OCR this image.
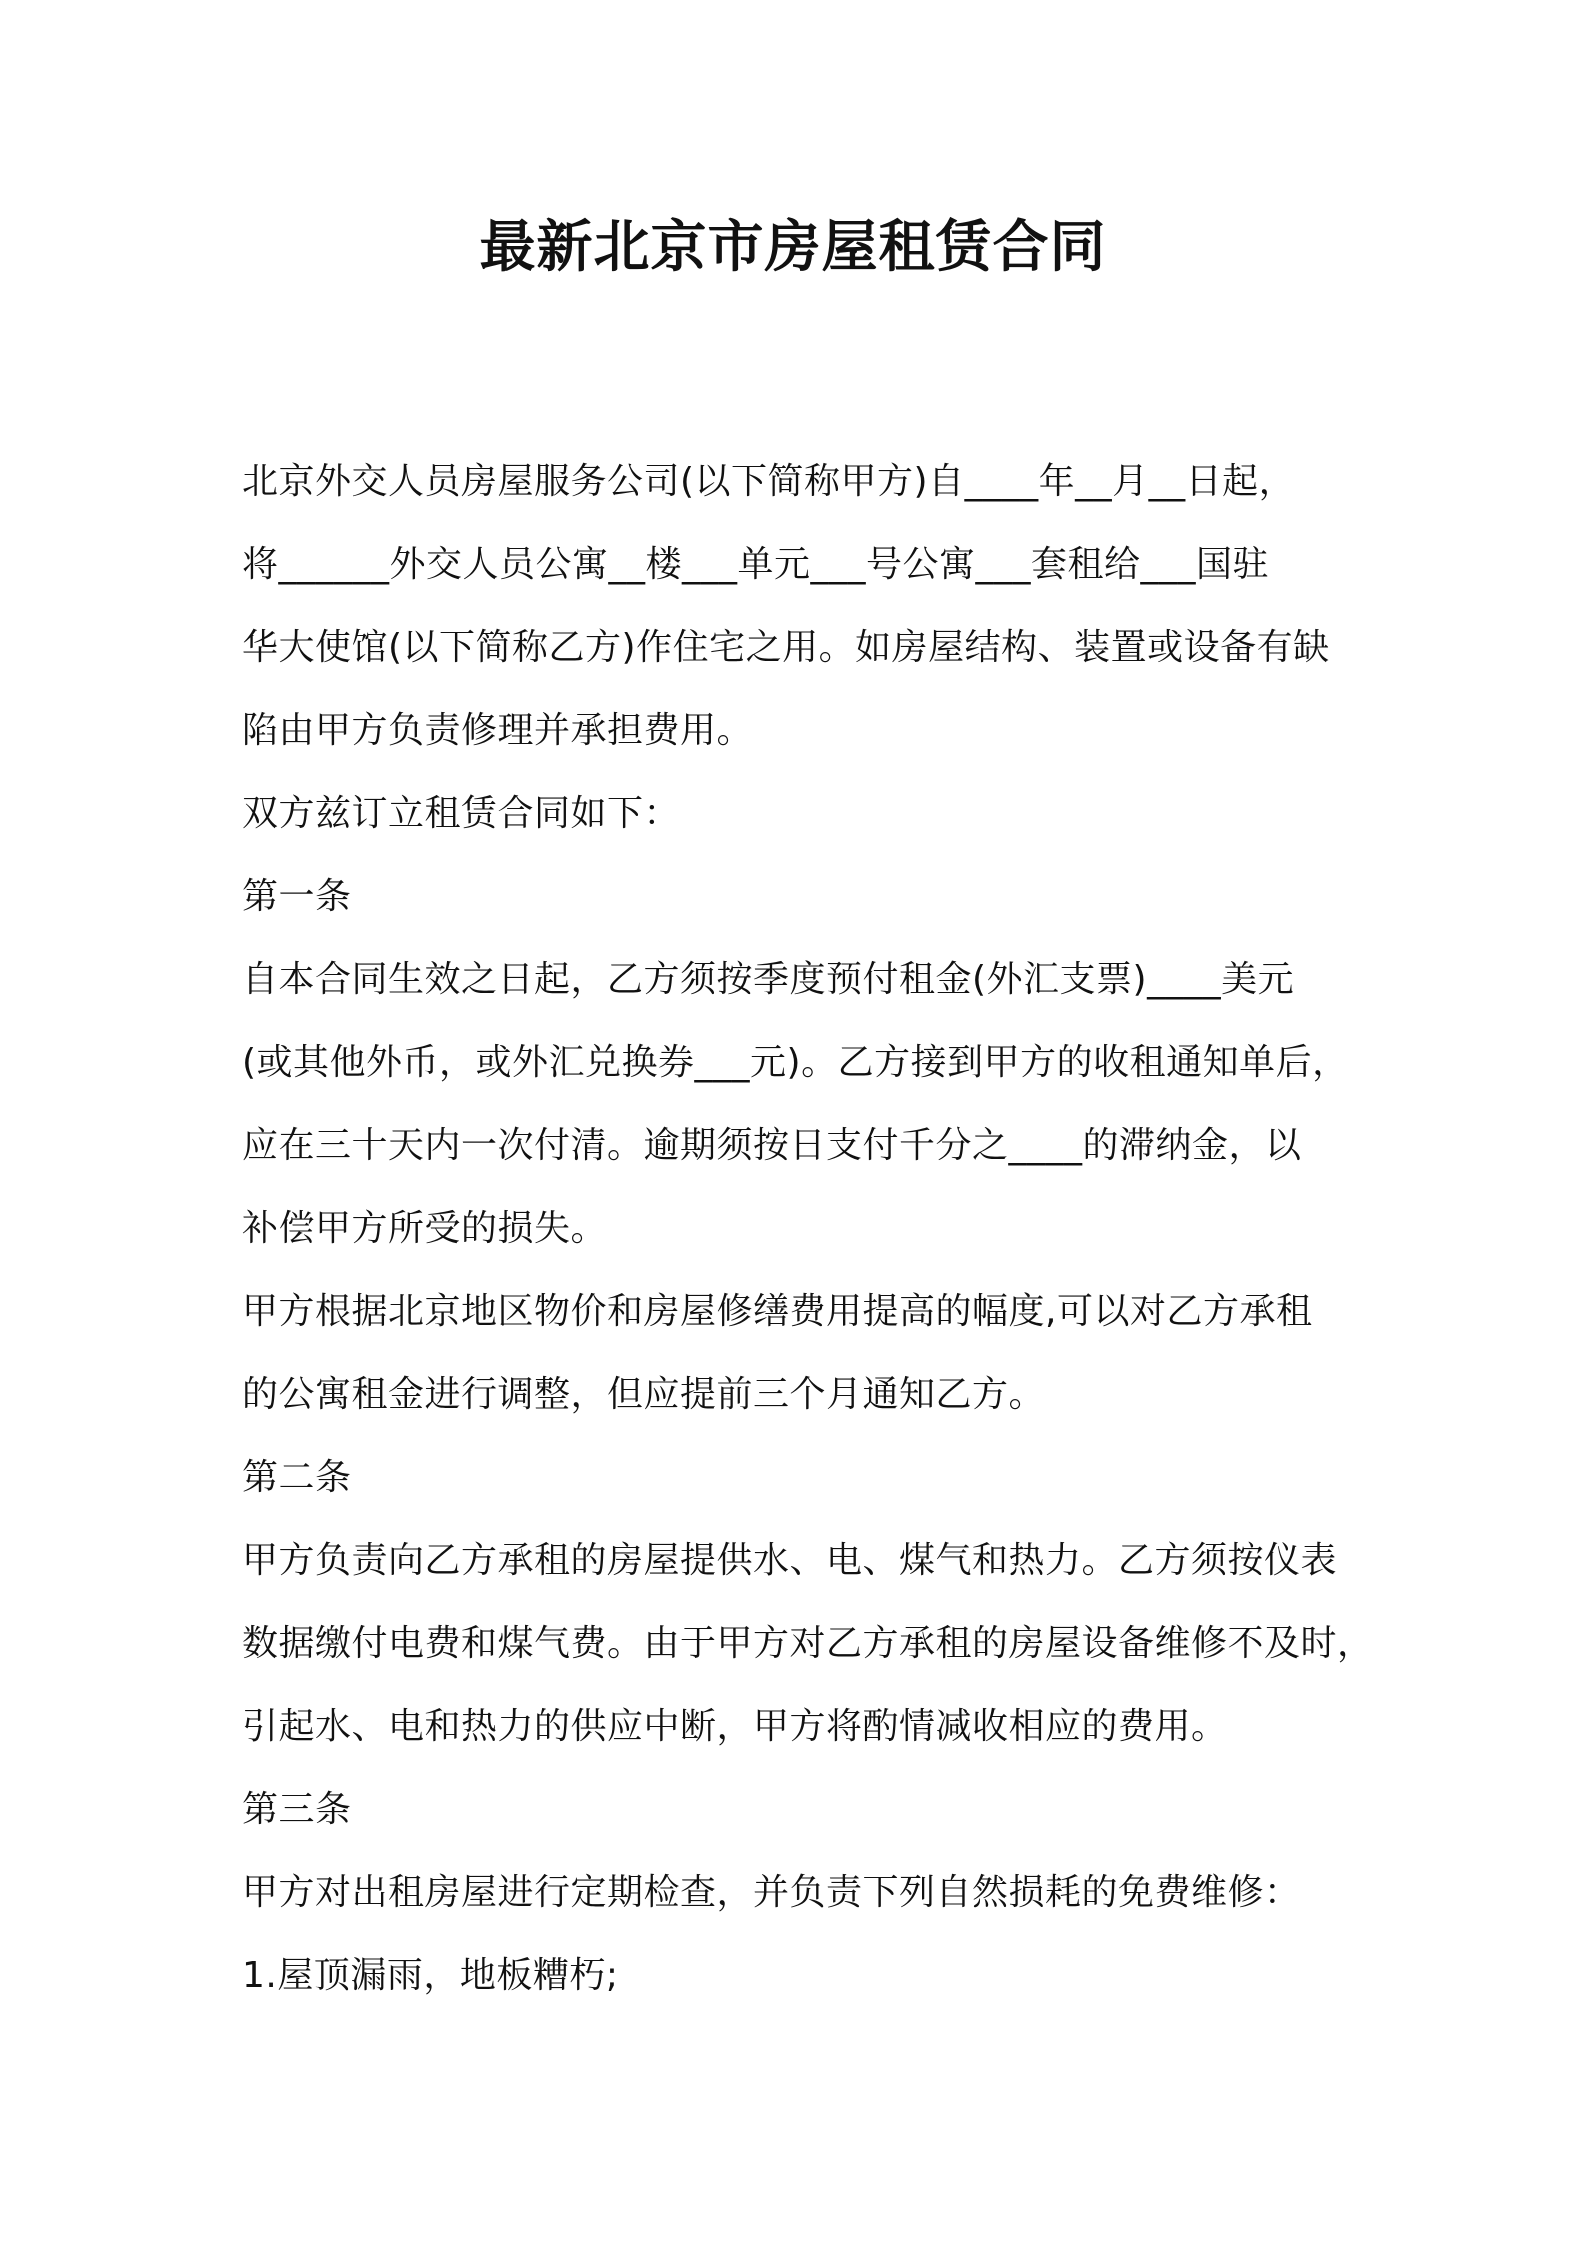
最新北京市房屋租赁合同

北京外交人员房屋服务公司(以下简称甲方)自____年__月__日起，

将______外交人员公寓__楼___单元___号公寓___套租给___国驻

华大使馆(以下简称乙方)作住宅之用。如房屋结构、装置或设备有缺

陷由甲方负责修理并承担费用。

双方兹订立租赁合同如下：

第一条

自本合同生效之日起，乙方须按季度预付租金(外汇支票)____美元

(或其他外币，或外汇兑换券___元)。乙方接到甲方的收租通知单后，

应在三十天内一次付清。逾期须按日支付千分之____的滞纳金，以

补偿甲方所受的损失。

甲方根据北京地区物价和房屋修缮费用提高的幅度,可以对乙方承租

的公寓租金进行调整，但应提前三个月通知乙方。

第二条

甲方负责向乙方承租的房屋提供水、电、煤气和热力。乙方须按仪表

数据缴付电费和煤气费。由于甲方对乙方承租的房屋设备维修不及时，

引起水、电和热力的供应中断，甲方将酌情减收相应的费用。

第三条

甲方对出租房屋进行定期检查，并负责下列自然损耗的免费维修：

1.屋顶漏雨，地板糟朽;
